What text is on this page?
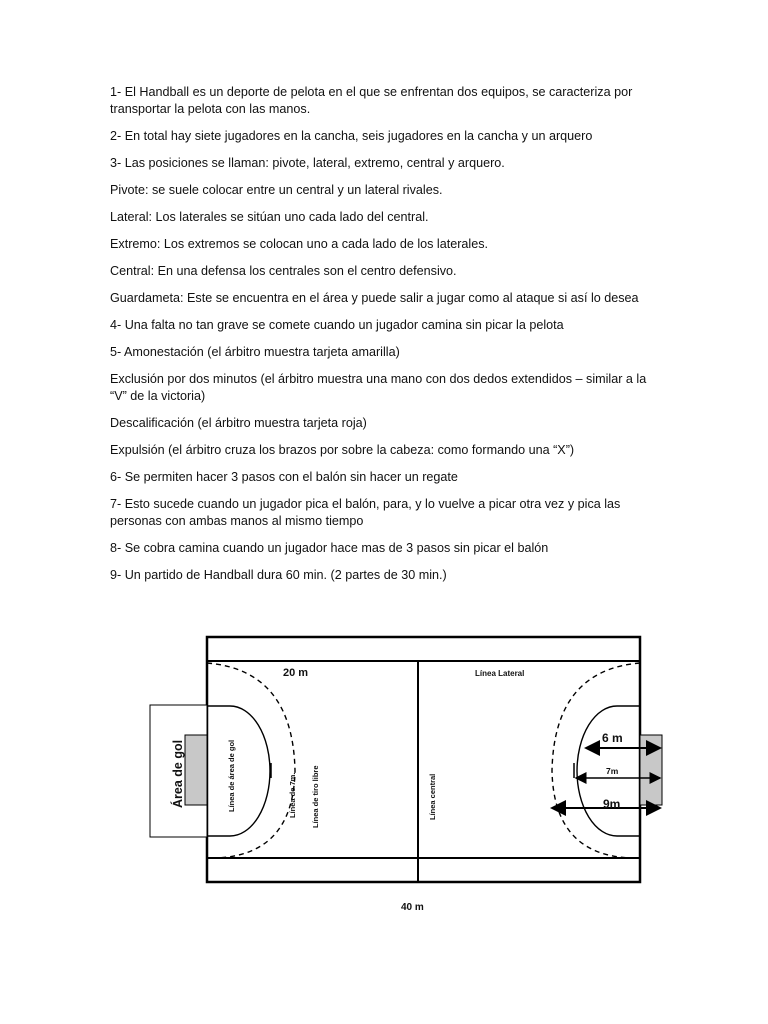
1- El Handball es un deporte de pelota en el que se enfrentan dos equipos, se caracteriza por transportar la pelota con las manos.

2- En total hay siete jugadores en la cancha, seis jugadores en la cancha y un arquero

3- Las posiciones se llaman: pivote, lateral, extremo, central y arquero.

Pivote: se suele colocar entre un central y un lateral rivales.

Lateral: Los laterales se sitúan uno cada lado del central.

Extremo: Los extremos se colocan uno a cada lado de los laterales.

Central: En una defensa los centrales son el centro defensivo.

Guardameta: Este se encuentra en el área y puede salir a jugar como al ataque si así lo desea

4- Una falta no tan grave se comete cuando un jugador camina sin picar la pelota

5- Amonestación (el árbitro muestra tarjeta amarilla)

Exclusión por dos minutos (el árbitro muestra una mano con dos dedos extendidos – similar a la “V” de la victoria)

Descalificación (el árbitro muestra tarjeta roja)

Expulsión (el árbitro cruza los brazos por sobre la cabeza: como formando una “X”)

6- Se permiten hacer 3 pasos con el balón sin hacer un regate

7- Esto sucede cuando un jugador pica el balón, para, y lo vuelve a picar otra vez y pica las personas con ambas manos al mismo tiempo

8- Se cobra camina cuando un jugador hace mas de 3 pasos sin picar el balón

9- Un partido de Handball dura 60 min. (2 partes de 30 min.)

20 m	Línea Lateral
Área de gol	Línea de área de gol	Línea de 7m. Línea de tiro libre	Línea central
6 m
7m
9m
40 m
